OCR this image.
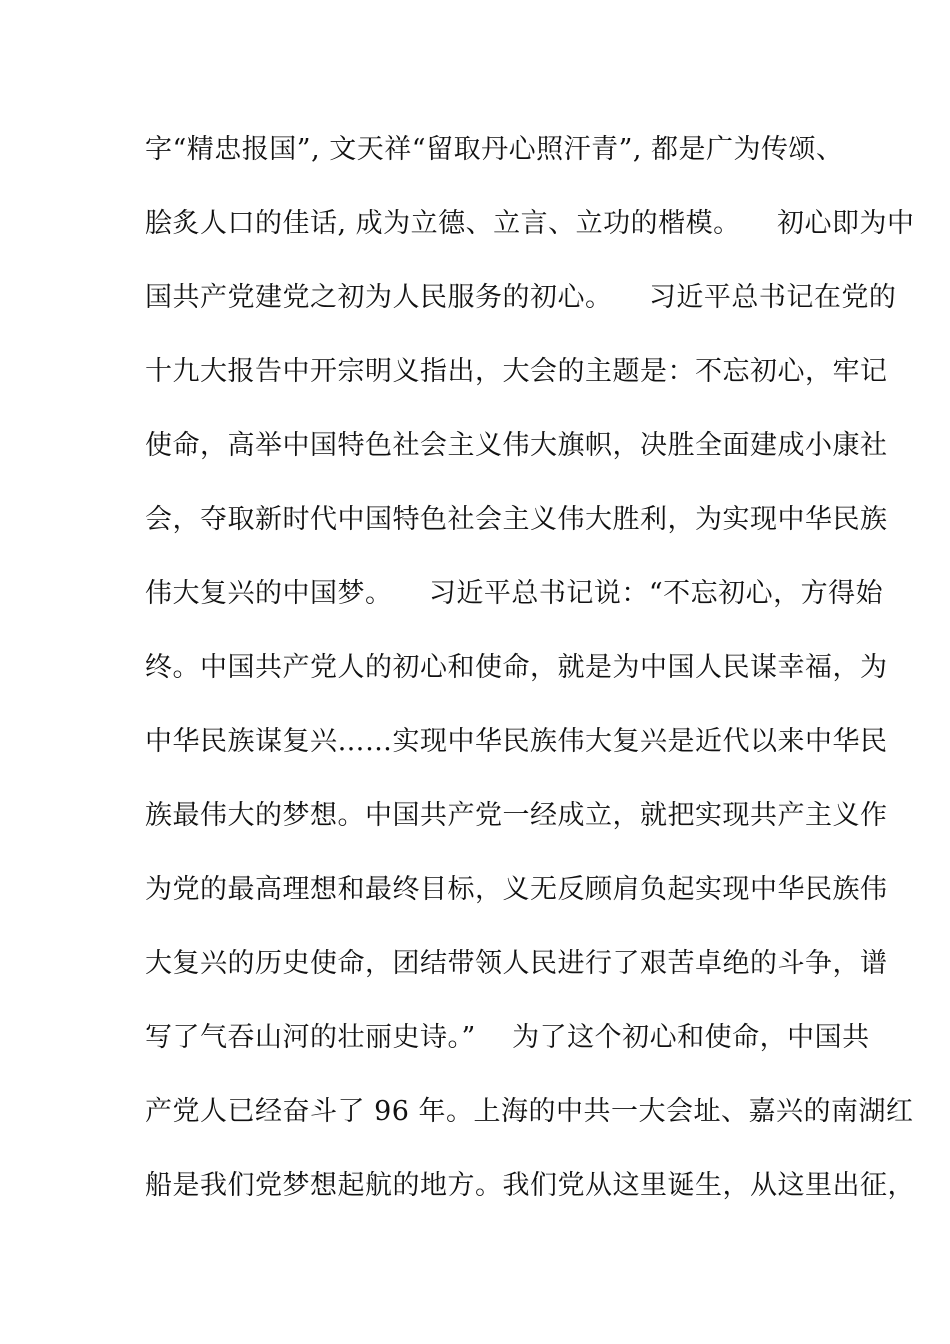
字“精忠报国”, 文天祥“留取丹心照汗青”, 都是广为传颂、
脍炙人口的佳话, 成为立德、立言、立功的楷模。    初心即为中
国共产党建党之初为人民服务的初心。    习近平总书记在党的
十九大报告中开宗明义指出，大会的主题是：不忘初心，牢记
使命，高举中国特色社会主义伟大旗帜，决胜全面建成小康社
会，夺取新时代中国特色社会主义伟大胜利，为实现中华民族
伟大复兴的中国梦。    习近平总书记说：“不忘初心，方得始
终。中国共产党人的初心和使命，就是为中国人民谋幸福，为
中华民族谋复兴……实现中华民族伟大复兴是近代以来中华民
族最伟大的梦想。中国共产党一经成立，就把实现共产主义作
为党的最高理想和最终目标，义无反顾肩负起实现中华民族伟
大复兴的历史使命，团结带领人民进行了艰苦卓绝的斗争，谱
写了气吞山河的壮丽史诗。”    为了这个初心和使命，中国共
产党人已经奋斗了 96 年。上海的中共一大会址、嘉兴的南湖红
船是我们党梦想起航的地方。我们党从这里诞生，从这里出征，
